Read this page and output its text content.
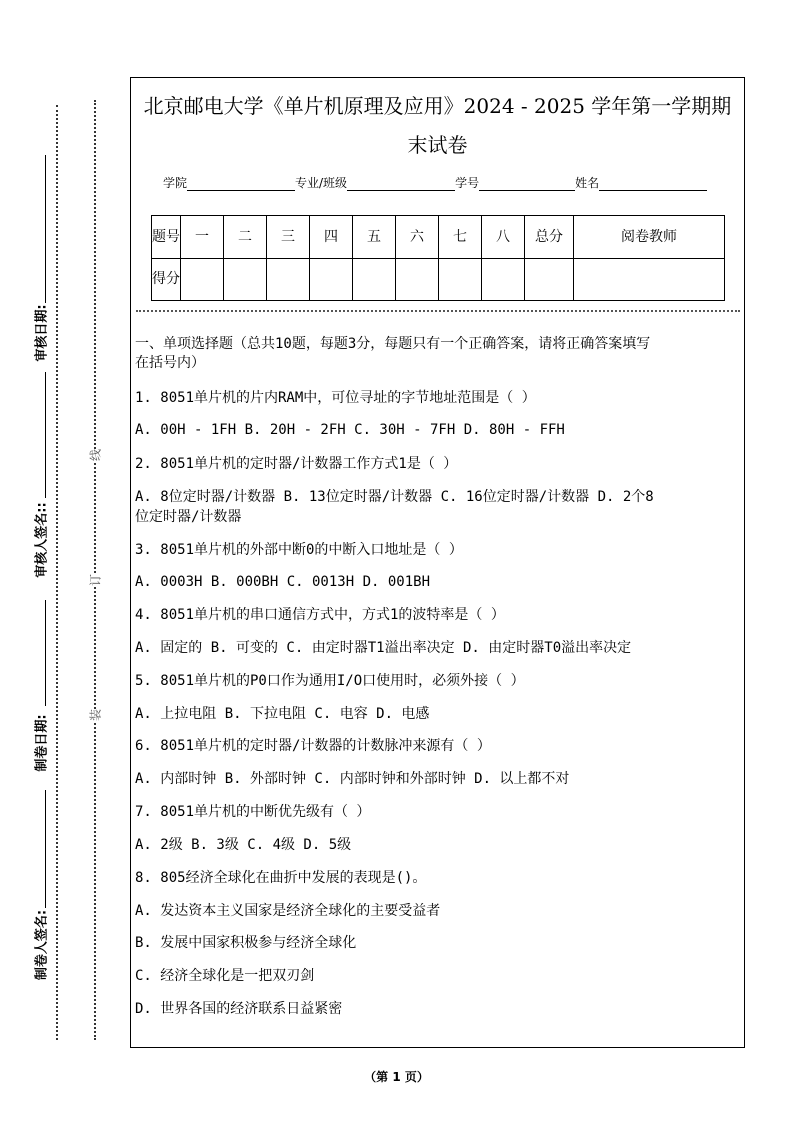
审核日期:
审核人签名::
制卷日期:
制卷人签名:
线
订
装
北京邮电大学《单片机原理及应用》2024 - 2025 学年第一学期期
末试卷
学院	专业/班级	学号	姓名
题号	一	二	三	四	五	六	七	八	总分	阅卷教师
得分										
一、单项选择题（总共10题，每题3分，每题只有一个正确答案，请将正确答案填写
在括号内）
1. 8051单片机的片内RAM中，可位寻址的字节地址范围是（ ）
A. 00H - 1FH B. 20H - 2FH C. 30H - 7FH D. 80H - FFH
2. 8051单片机的定时器/计数器工作方式1是（ ）
A. 8位定时器/计数器 B. 13位定时器/计数器 C. 16位定时器/计数器 D. 2个8
位定时器/计数器
3. 8051单片机的外部中断0的中断入口地址是（ ）
A. 0003H B. 000BH C. 0013H D. 001BH
4. 8051单片机的串口通信方式中，方式1的波特率是（ ）
A. 固定的 B. 可变的 C. 由定时器T1溢出率决定 D. 由定时器T0溢出率决定
5. 8051单片机的P0口作为通用I/O口使用时，必须外接（ ）
A. 上拉电阻 B. 下拉电阻 C. 电容 D. 电感
6. 8051单片机的定时器/计数器的计数脉冲来源有（ ）
A. 内部时钟 B. 外部时钟 C. 内部时钟和外部时钟 D. 以上都不对
7. 8051单片机的中断优先级有（ ）
A. 2级 B. 3级 C. 4级 D. 5级
8. 805经济全球化在曲折中发展的表现是()。
A. 发达资本主义国家是经济全球化的主要受益者
B. 发展中国家积极参与经济全球化
C. 经济全球化是一把双刃剑
D. 世界各国的经济联系日益紧密
（第 1 页）
